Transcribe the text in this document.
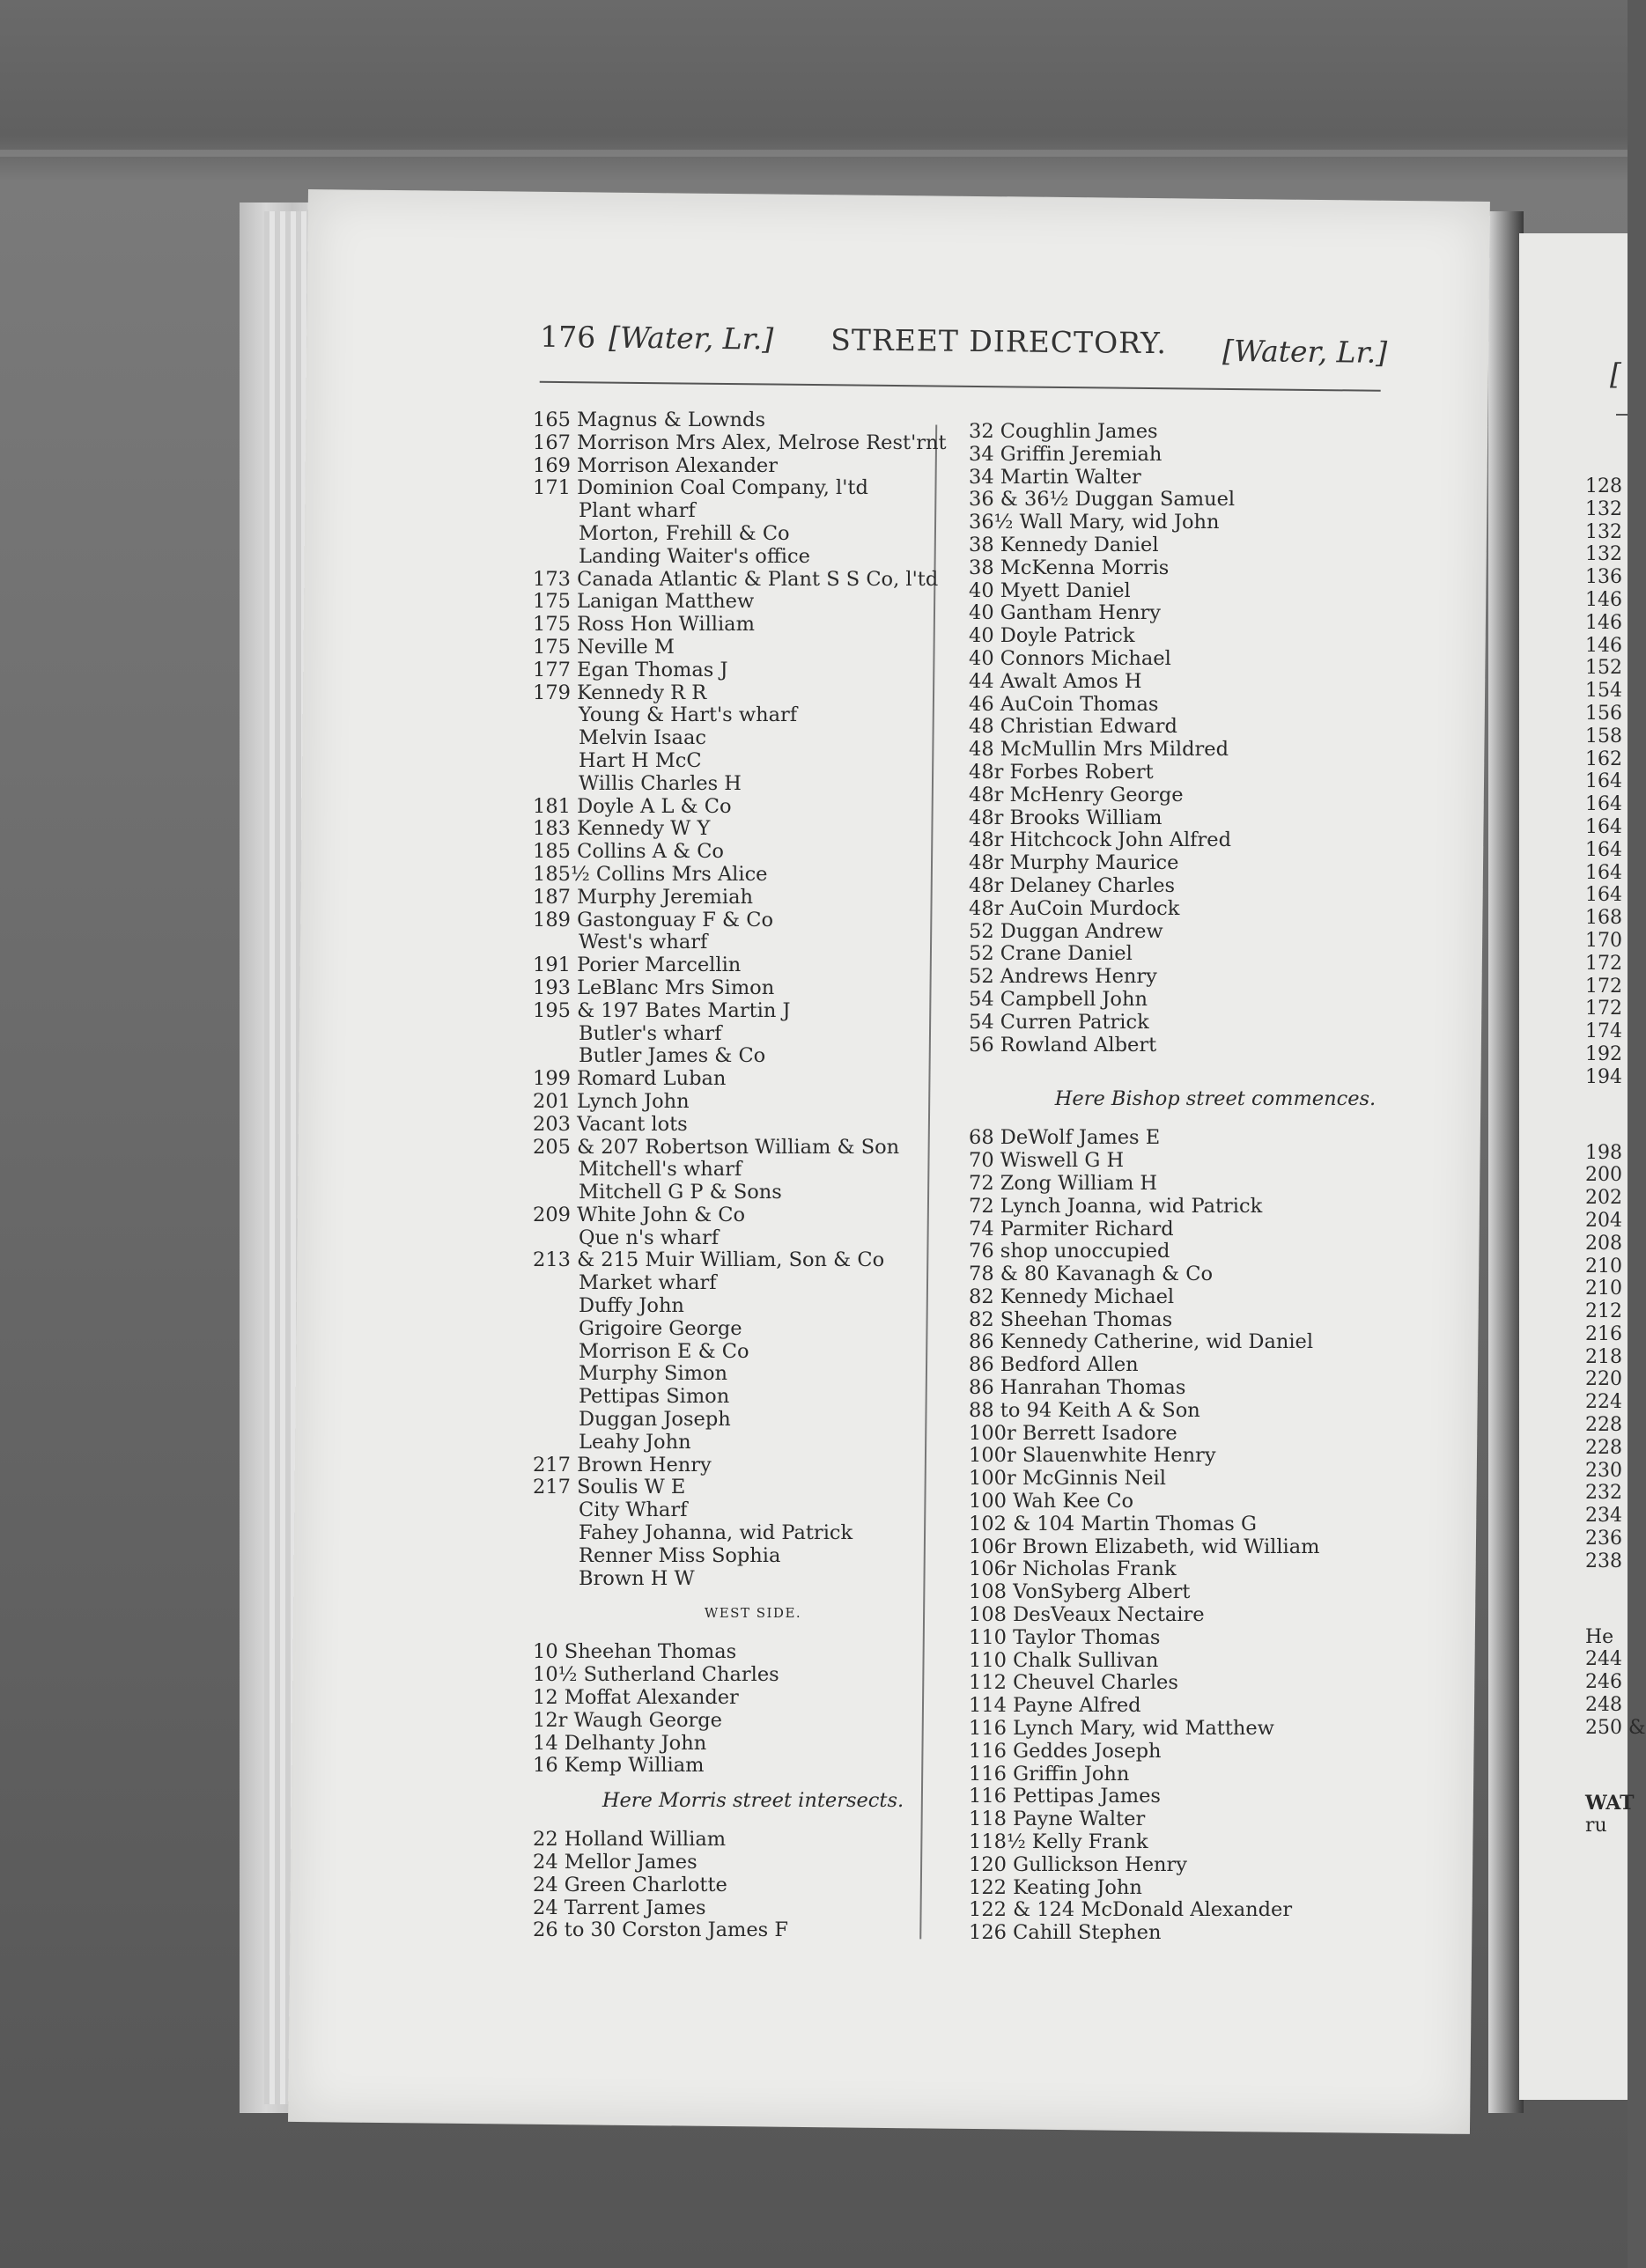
176 [Water, Lr.] STREET DIRECTORY. [Water, Lr.]
165 Magnus & Lownds
167 Morrison Mrs Alex, Melrose Rest'rnt
169 Morrison Alexander
171 Dominion Coal Company, l'td
Plant wharf
Morton, Frehill & Co
Landing Waiter's office
173 Canada Atlantic & Plant S S Co, l'td
175 Lanigan Matthew
175 Ross Hon William
175 Neville M
177 Egan Thomas J
179 Kennedy R R
Young & Hart's wharf
Melvin Isaac
Hart H McC
Willis Charles H
181 Doyle A L & Co
183 Kennedy W Y
185 Collins A & Co
185½ Collins Mrs Alice
187 Murphy Jeremiah
189 Gastonguay F & Co
West's wharf
191 Porier Marcellin
193 LeBlanc Mrs Simon
195 & 197 Bates Martin J
Butler's wharf
Butler James & Co
199 Romard Luban
201 Lynch John
203 Vacant lots
205 & 207 Robertson William & Son
Mitchell's wharf
Mitchell G P & Sons
209 White John & Co
Que n's wharf
213 & 215 Muir William, Son & Co
Market wharf
Duffy John
Grigoire George
Morrison E & Co
Murphy Simon
Pettipas Simon
Duggan Joseph
Leahy John
217 Brown Henry
217 Soulis W E
City Wharf
Fahey Johanna, wid Patrick
Renner Miss Sophia
Brown H W
WEST SIDE.
10 Sheehan Thomas
10½ Sutherland Charles
12 Moffat Alexander
12r Waugh George
14 Delhanty John
16 Kemp William
Here Morris street intersects.
22 Holland William
24 Mellor James
24 Green Charlotte
24 Tarrent James
26 to 30 Corston James F
32 Coughlin James
34 Griffin Jeremiah
34 Martin Walter
36 & 36½ Duggan Samuel
36½ Wall Mary, wid John
38 Kennedy Daniel
38 McKenna Morris
40 Myett Daniel
40 Gantham Henry
40 Doyle Patrick
40 Connors Michael
44 Awalt Amos H
46 AuCoin Thomas
48 Christian Edward
48 McMullin Mrs Mildred
48r Forbes Robert
48r McHenry George
48r Brooks William
48r Hitchcock John Alfred
48r Murphy Maurice
48r Delaney Charles
48r AuCoin Murdock
52 Duggan Andrew
52 Crane Daniel
52 Andrews Henry
54 Campbell John
54 Curren Patrick
56 Rowland Albert
Here Bishop street commences.
68 DeWolf James E
70 Wiswell G H
72 Zong William H
72 Lynch Joanna, wid Patrick
74 Parmiter Richard
76 shop unoccupied
78 & 80 Kavanagh & Co
82 Kennedy Michael
82 Sheehan Thomas
86 Kennedy Catherine, wid Daniel
86 Bedford Allen
86 Hanrahan Thomas
88 to 94 Keith A & Son
100r Berrett Isadore
100r Slauenwhite Henry
100r McGinnis Neil
100 Wah Kee Co
102 & 104 Martin Thomas G
106r Brown Elizabeth, wid William
106r Nicholas Frank
108 VonSyberg Albert
108 DesVeaux Nectaire
110 Taylor Thomas
110 Chalk Sullivan
112 Cheuvel Charles
114 Payne Alfred
116 Lynch Mary, wid Matthew
116 Geddes Joseph
116 Griffin John
116 Pettipas James
118 Payne Walter
118½ Kelly Frank
120 Gullickson Henry
122 Keating John
122 & 124 McDonald Alexander
126 Cahill Stephen
[
128
132
132
132
136
146
146
146
152
154
156
158
162
164
164
164
164
164
164
168
170
172
172
172
174
192
194
198
200
202
204
208
210
210
212
216
218
220
224
228
228
230
232
234
236
238
He
244
246
248
250 &
WAT
ru
